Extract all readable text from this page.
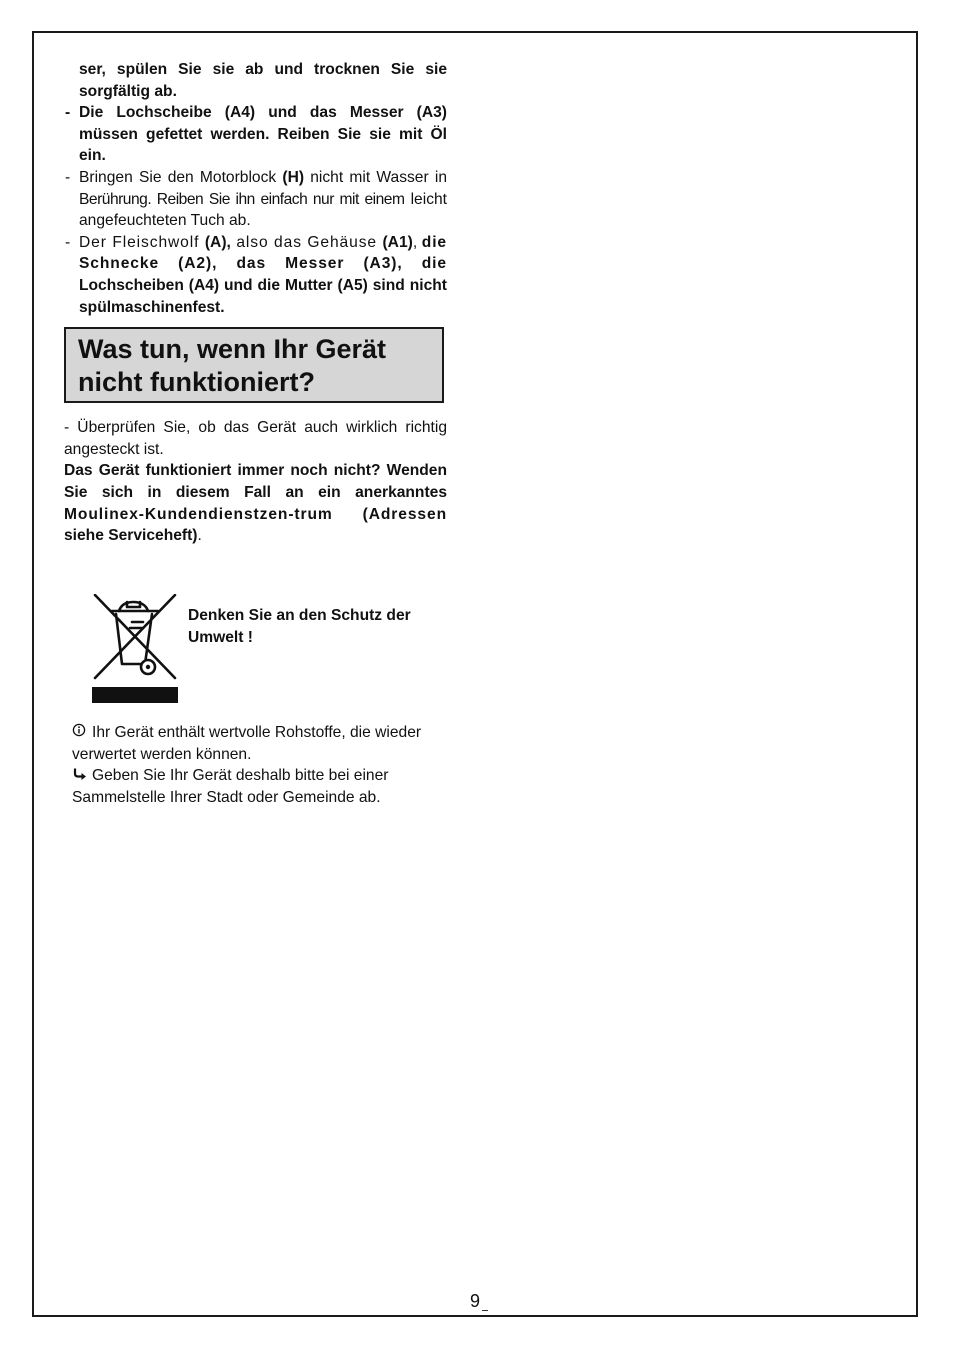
ser, spülen Sie sie ab und trocknen Sie sie sorgfältig ab.
- Die Lochscheibe (A4) und das Messer (A3) müssen gefettet werden. Reiben Sie sie mit Öl ein.
- Bringen Sie den Motorblock (H) nicht mit Wasser in Berührung. Reiben Sie ihn einfach nur mit einem leicht angefeuchteten Tuch ab.
- Der Fleischwolf (A), also das Gehäuse (A1), die Schnecke (A2), das Messer (A3), die Lochscheiben (A4) und die Mutter (A5) sind nicht spülmaschinenfest.
Was tun, wenn Ihr Gerät
nicht funktioniert?

- Überprüfen Sie, ob das Gerät auch wirklich richtig angesteckt ist.

Das Gerät funktioniert immer noch nicht? Wenden Sie sich in diesem Fall an ein anerkanntes Moulinex-Kundendienstzen-trum (Adressen siehe Serviceheft).

Denken Sie an den Schutz der Umwelt !

Ihr Gerät enthält wertvolle Rohstoffe, die wieder verwertet werden können.

Geben Sie Ihr Gerät deshalb bitte bei einer Sammelstelle Ihrer Stadt oder Gemeinde ab.

9
